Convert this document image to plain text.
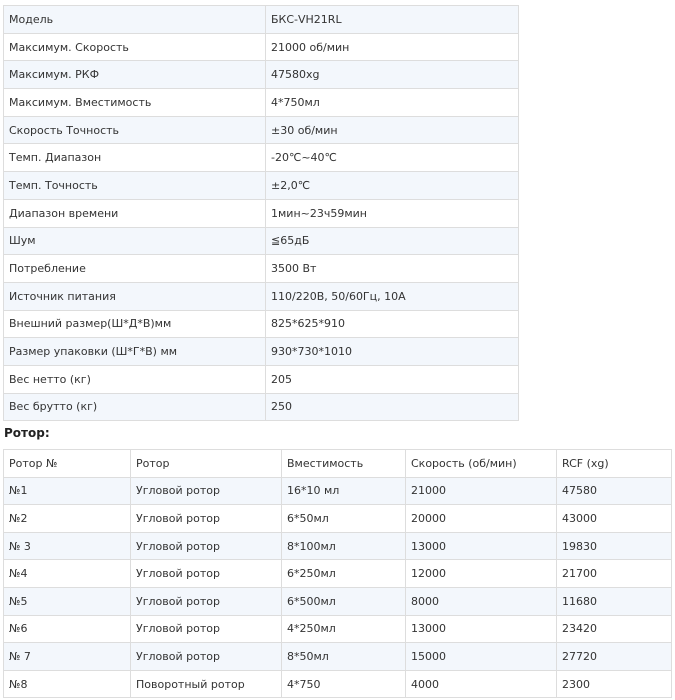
Модель	БКС-VH21RL
Максимум. Скорость	21000 об/мин
Максимум. РКФ	47580xg
Максимум. Вместимость	4*750мл
Скорость Точность	±30 об/мин
Темп. Диапазон	-20℃~40℃
Темп. Точность	±2,0℃
Диапазон времени	1мин~23ч59мин
Шум	≦65дБ
Потребление	3500 Вт
Источник питания	110/220В, 50/60Гц, 10А
Внешний размер(Ш*Д*В)мм	825*625*910
Размер упаковки (Ш*Г*В) мм	930*730*1010
Вес нетто (кг)	205
Вес брутто (кг)	250
Ротор:
Ротор №	Ротор	Вместимость	Скорость (об/мин)	RCF (xg)
№1	Угловой ротор	16*10 мл	21000	47580
№2	Угловой ротор	6*50мл	20000	43000
№ 3	Угловой ротор	8*100мл	13000	19830
№4	Угловой ротор	6*250мл	12000	21700
№5	Угловой ротор	6*500мл	8000	11680
№6	Угловой ротор	4*250мл	13000	23420
№ 7	Угловой ротор	8*50мл	15000	27720
№8	Поворотный ротор	4*750	4000	2300
